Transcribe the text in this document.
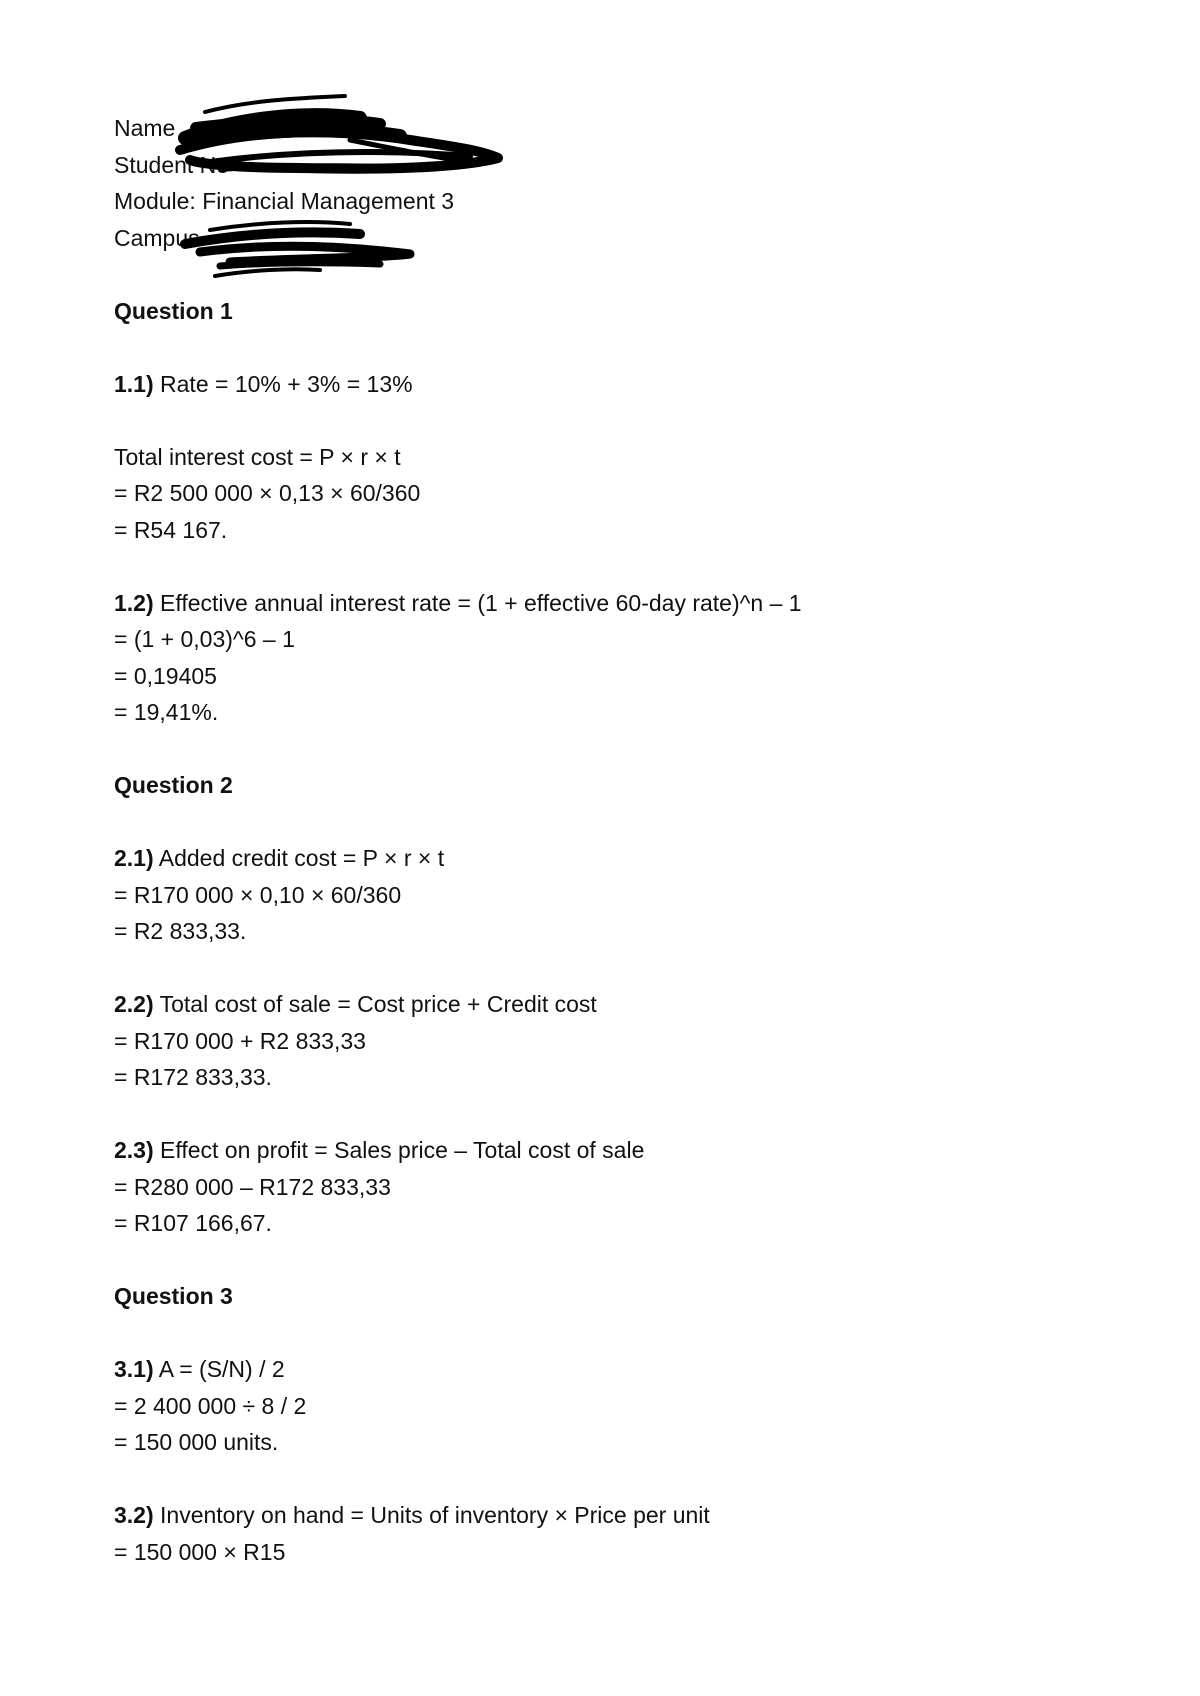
Name
Student No
Module: Financial Management 3
Campus
Question 1
1.1) Rate = 10% + 3% = 13%
Total interest cost = P × r × t
= R2 500 000 × 0,13 × 60/360
= R54 167.
1.2) Effective annual interest rate = (1 + effective 60-day rate)^n – 1
= (1 + 0,03)^6 – 1
= 0,19405
= 19,41%.
Question 2
2.1) Added credit cost = P × r × t
= R170 000 × 0,10 × 60/360
= R2 833,33.
2.2) Total cost of sale = Cost price + Credit cost
= R170 000 + R2 833,33
= R172 833,33.
2.3) Effect on profit = Sales price – Total cost of sale
= R280 000 – R172 833,33
= R107 166,67.
Question 3
3.1) A = (S/N) / 2
= 2 400 000 ÷ 8 / 2
= 150 000 units.
3.2) Inventory on hand = Units of inventory × Price per unit
= 150 000 × R15
